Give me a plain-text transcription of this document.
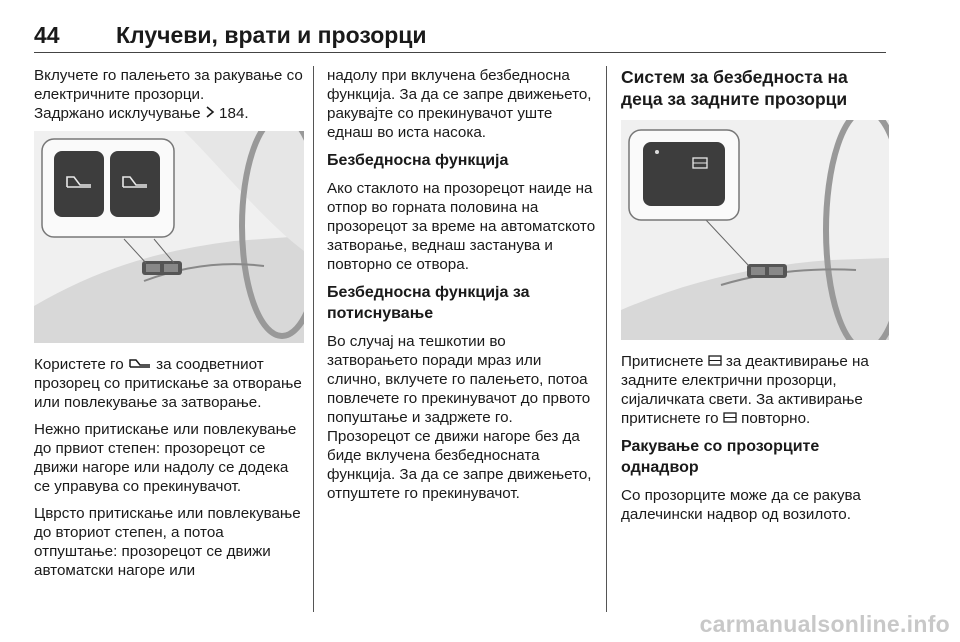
44 Клучеви, врати и прозорци

Вклучете го палењето за ракување со електричните прозорци.
Задржано исклучување 184.

Користете го за соодветниот прозорец со притискање за отворање или повлекување за затворање.

Нежно притискање или повлекување до првиот степен: прозорецот се движи нагоре или надолу се додека се управува со прекинувачот.

Цврсто притискање или повлекување до вториот степен, а потоа отпуштање: прозорецот се движи автоматски нагоре или

надолу при вклучена безбедносна функција. За да се запре движењето, ракувајте со прекинувачот уште еднаш во иста насока.

Безбедносна функција

Ако стаклото на прозорецот наиде на отпор во горната половина на прозорецот за време на автоматското затворање, веднаш застанува и повторно се отвора.

Безбедносна функција за потиснување

Во случај на тешкотии во затворањето поради мраз или слично, вклучете го палењето, потоа повлечете го прекинувачот до првото попуштање и задржете го. Прозорецот се движи нагоре без да биде вклучена безбедносната функција. За да се запре движењето, отпуштете го прекинувачот.

Систем за безбедноста на деца за задните прозорци

Притиснете за деактивирање на задните електрични прозорци, сијаличката свети. За активирање притиснете го повторно.

Ракување со прозорците однадвор

Со прозорците може да се ракува далечински надвор од возилото.

carmanualsonline.info
